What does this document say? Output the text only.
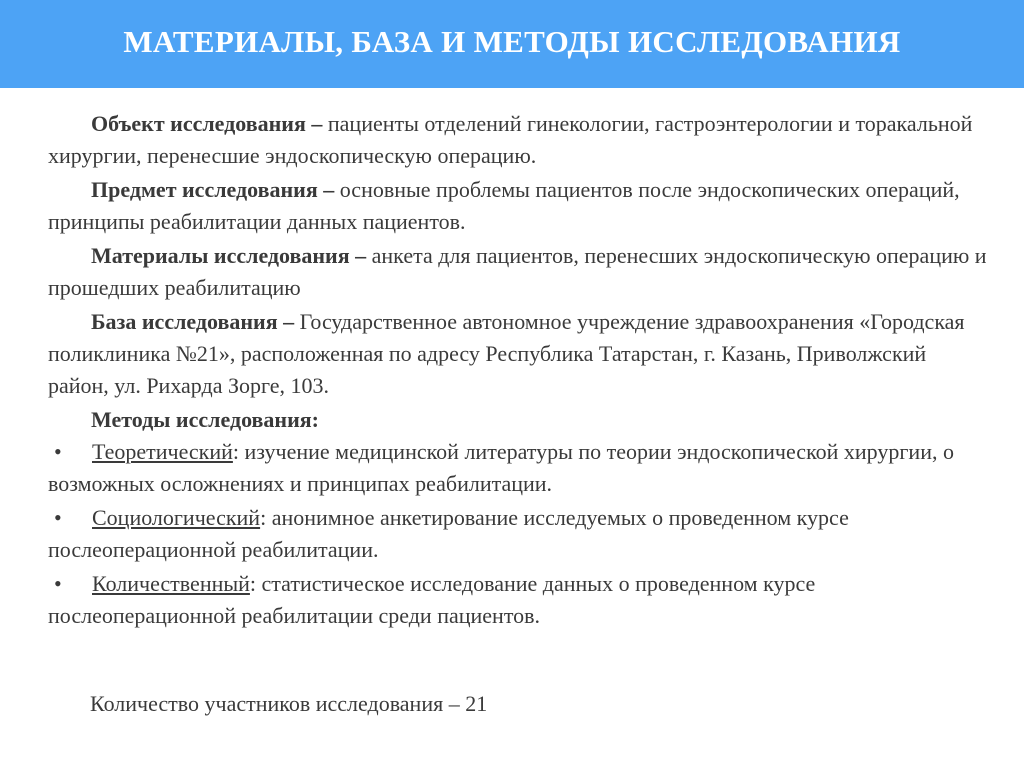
МАТЕРИАЛЫ, БАЗА И МЕТОДЫ ИССЛЕДОВАНИЯ

Объект исследования – пациенты отделений гинекологии, гастроэнтерологии и торакальной хирургии, перенесшие эндоскопическую операцию.

Предмет исследования – основные проблемы пациентов после эндоскопических операций, принципы реабилитации данных пациентов.

Материалы исследования – анкета для пациентов, перенесших эндоскопическую операцию и прошедших реабилитацию

База исследования – Государственное автономное учреждение здравоохранения «Городская поликлиника №21», расположенная по адресу Республика Татарстан, г. Казань, Приволжский район, ул. Рихарда Зорге, 103.

Методы исследования:

• Теоретический: изучение медицинской литературы по теории эндоскопической хирургии, о возможных осложнениях и принципах реабилитации.

• Социологический: анонимное анкетирование исследуемых о проведенном курсе послеоперационной реабилитации.

• Количественный: статистическое исследование данных о проведенном курсе послеоперационной реабилитации среди пациентов.

Количество участников исследования – 21
